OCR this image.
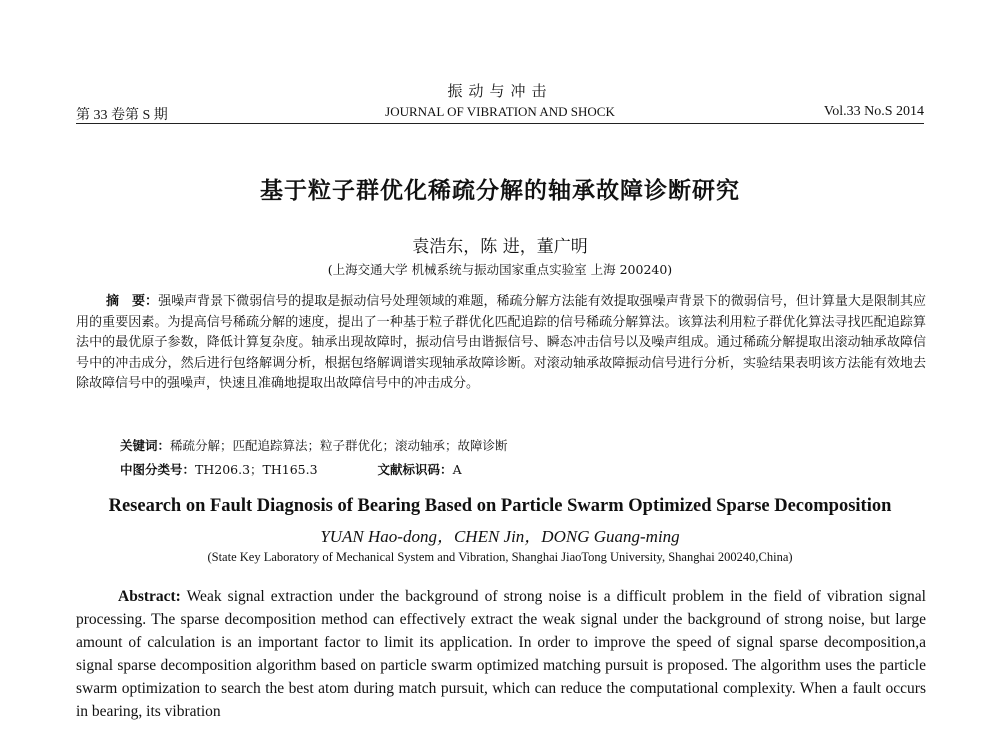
振动与冲击
第 33 卷第 S 期	JOURNAL OF VIBRATION AND SHOCK	Vol.33 No.S 2014
基于粒子群优化稀疏分解的轴承故障诊断研究
袁浩东，陈 进，董广明
(上海交通大学 机械系统与振动国家重点实验室 上海 200240)
摘　要：强噪声背景下微弱信号的提取是振动信号处理领域的难题，稀疏分解方法能有效提取强噪声背景下的微弱信号，但计算量大是限制其应用的重要因素。为提高信号稀疏分解的速度，提出了一种基于粒子群优化匹配追踪的信号稀疏分解算法。该算法利用粒子群优化算法寻找匹配追踪算法中的最优原子参数，降低计算复杂度。轴承出现故障时，振动信号由谐振信号、瞬态冲击信号以及噪声组成。通过稀疏分解提取出滚动轴承故障信号中的冲击成分，然后进行包络解调分析，根据包络解调谱实现轴承故障诊断。对滚动轴承故障振动信号进行分析，实验结果表明该方法能有效地去除故障信号中的强噪声，快速且准确地提取出故障信号中的冲击成分。
关键词：稀疏分解；匹配追踪算法；粒子群优化；滚动轴承；故障诊断
中图分类号：TH206.3；TH165.3	文献标识码：A
Research on Fault Diagnosis of Bearing Based on Particle Swarm Optimized Sparse Decomposition
YUAN Hao-dong，CHEN Jin，DONG Guang-ming
(State Key Laboratory of Mechanical System and Vibration, Shanghai JiaoTong University, Shanghai 200240,China)
Abstract: Weak signal extraction under the background of strong noise is a difficult problem in the field of vibration signal processing. The sparse decomposition method can effectively extract the weak signal under the background of strong noise, but large amount of calculation is an important factor to limit its application. In order to improve the speed of signal sparse decomposition,a signal sparse decomposition algorithm based on particle swarm optimized matching pursuit is proposed. The algorithm uses the particle swarm optimization to search the best atom during match pursuit, which can reduce the computational complexity. When a fault occurs in bearing, its vibration
